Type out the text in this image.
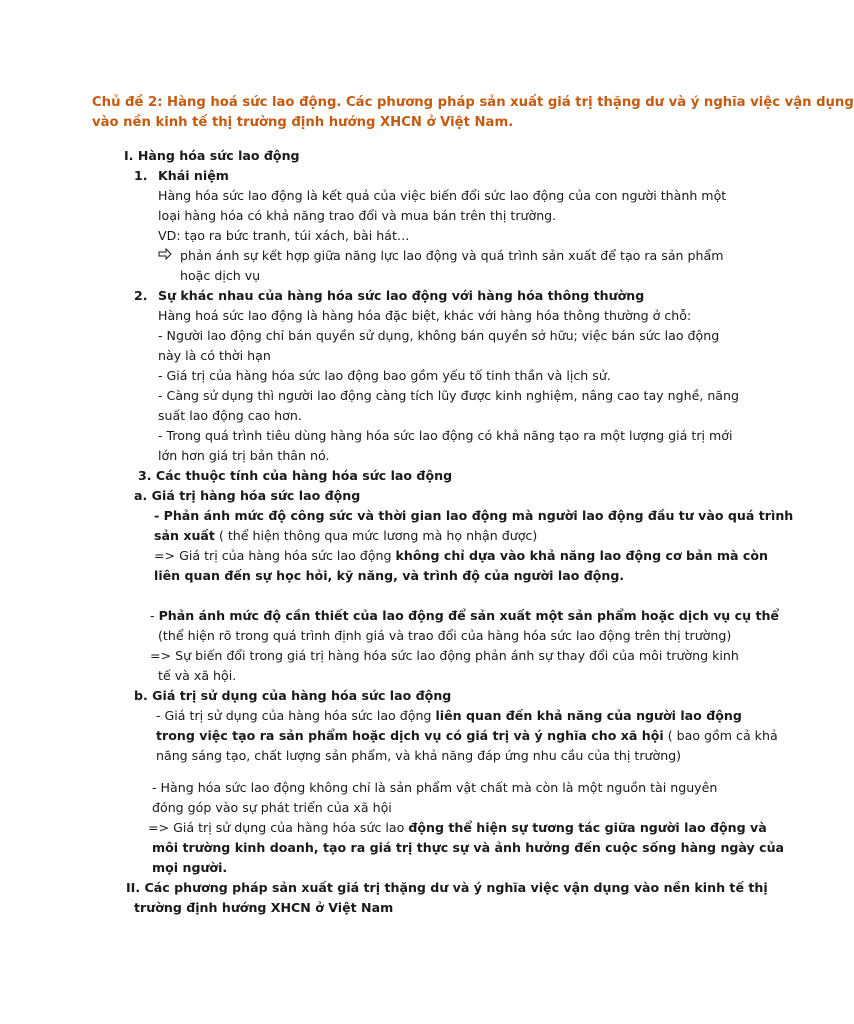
Chủ đề 2: Hàng hoá sức lao động. Các phương pháp sản xuất giá trị thặng dư và ý nghĩa việc vận dụng
vào nền kinh tế thị trường định hướng XHCN ở Việt Nam.
I. Hàng hóa sức lao động
1. Khái niệm
Hàng hóa sức lao động là kết quả của việc biến đổi sức lao động của con người thành một
loại hàng hóa có khả năng trao đổi và mua bán trên thị trường.
VD: tạo ra bức tranh, túi xách, bài hát…
phản ánh sự kết hợp giữa năng lực lao động và quá trình sản xuất để tạo ra sản phẩm
hoặc dịch vụ
2. Sự khác nhau của hàng hóa sức lao động với hàng hóa thông thường
Hàng hoá sức lao động là hàng hóa đặc biệt, khác với hàng hóa thông thường ở chỗ:
- Người lao động chỉ bán quyền sử dụng, không bán quyền sở hữu; việc bán sức lao động
này là có thời hạn
- Giá trị của hàng hóa sức lao động bao gồm yếu tố tinh thần và lịch sử.
- Càng sử dụng thì người lao động càng tích lũy được kinh nghiệm, nâng cao tay nghề, năng
suất lao động cao hơn.
- Trong quá trình tiêu dùng hàng hóa sức lao động có khả năng tạo ra một lượng giá trị mới
lớn hơn giá trị bản thân nó.
3. Các thuộc tính của hàng hóa sức lao động
a. Giá trị hàng hóa sức lao động
- Phản ánh mức độ công sức và thời gian lao động mà người lao động đầu tư vào quá trình
sản xuất ( thể hiện thông qua mức lương mà họ nhận được)
=> Giá trị của hàng hóa sức lao động không chỉ dựa vào khả năng lao động cơ bản mà còn
liên quan đến sự học hỏi, kỹ năng, và trình độ của người lao động.
- Phản ánh mức độ cần thiết của lao động để sản xuất một sản phẩm hoặc dịch vụ cụ thể
(thể hiện rõ trong quá trình định giá và trao đổi của hàng hóa sức lao động trên thị trường)
=> Sự biến đổi trong giá trị hàng hóa sức lao động phản ánh sự thay đổi của môi trường kinh
tế và xã hội.
b. Giá trị sử dụng của hàng hóa sức lao động
- Giá trị sử dụng của hàng hóa sức lao động liên quan đến khả năng của người lao động
trong việc tạo ra sản phẩm hoặc dịch vụ có giá trị và ý nghĩa cho xã hội ( bao gồm cả khả
năng sáng tạo, chất lượng sản phẩm, và khả năng đáp ứng nhu cầu của thị trường)
- Hàng hóa sức lao động không chỉ là sản phẩm vật chất mà còn là một nguồn tài nguyên
đóng góp vào sự phát triển của xã hội
=> Giá trị sử dụng của hàng hóa sức lao động thể hiện sự tương tác giữa người lao động và
môi trường kinh doanh, tạo ra giá trị thực sự và ảnh hưởng đến cuộc sống hàng ngày của
mọi người.
II. Các phương pháp sản xuất giá trị thặng dư và ý nghĩa việc vận dụng vào nền kinh tế thị
trường định hướng XHCN ở Việt Nam
